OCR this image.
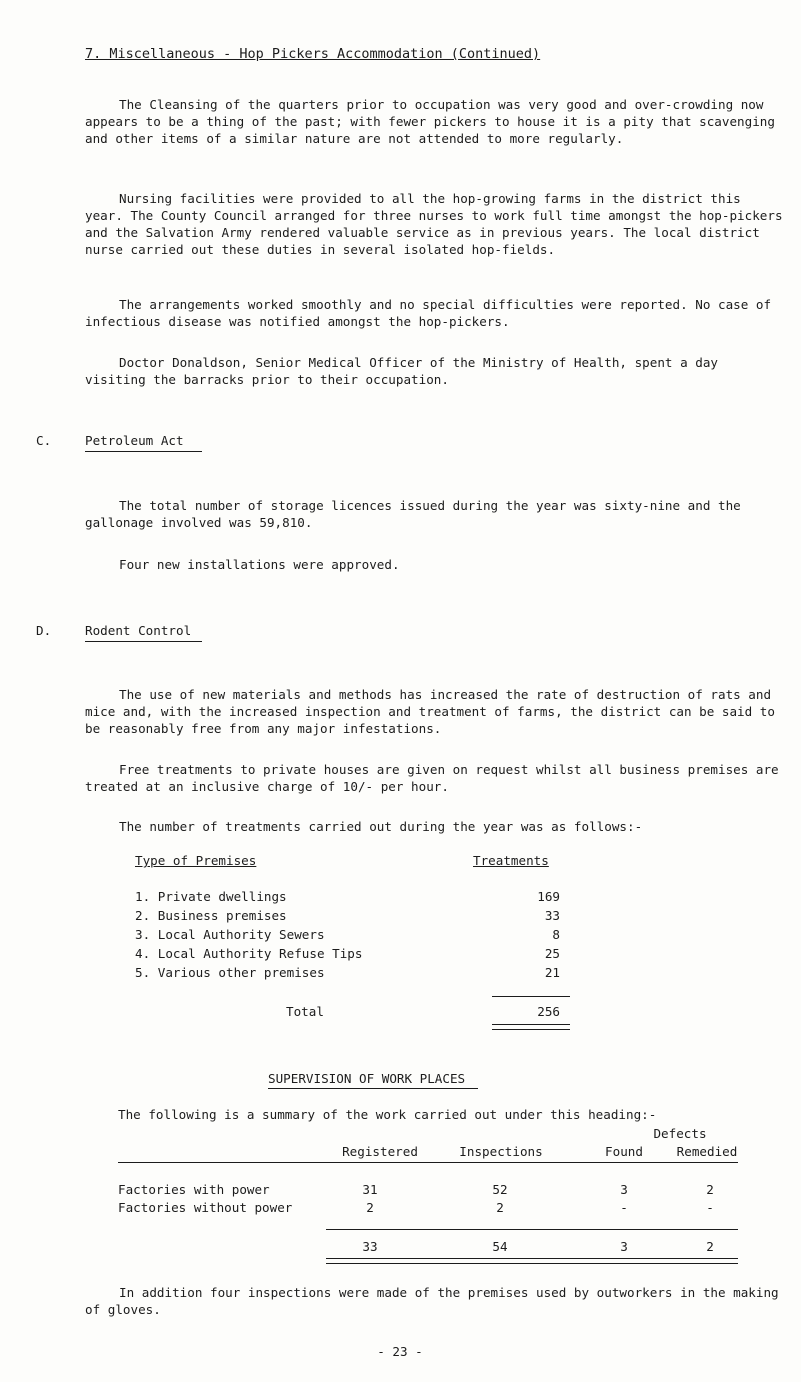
7. Miscellaneous - Hop Pickers Accommodation (Continued)

The Cleansing of the quarters prior to occupation was very good and over-crowding now appears to be a thing of the past; with fewer pickers to house it is a pity that scavenging and other items of a similar nature are not attended to more regularly.

Nursing facilities were provided to all the hop-growing farms in the district this year. The County Council arranged for three nurses to work full time amongst the hop-pickers and the Salvation Army rendered valuable service as in previous years. The local district nurse carried out these duties in several isolated hop-fields.

The arrangements worked smoothly and no special difficulties were reported. No case of infectious disease was notified amongst the hop-pickers.

Doctor Donaldson, Senior Medical Officer of the Ministry of Health, spent a day visiting the barracks prior to their occupation.

C.	Petroleum Act

The total number of storage licences issued during the year was sixty-nine and the gallonage involved was 59,810.

Four new installations were approved.

D.	Rodent Control

The use of new materials and methods has increased the rate of destruction of rats and mice and, with the increased inspection and treatment of farms, the district can be said to be reasonably free from any major infestations.

Free treatments to private houses are given on request whilst all business premises are treated at an inclusive charge of 10/- per hour.

The number of treatments carried out during the year was as follows:-

Type of Premises	Treatments
1. Private dwellings	169
2. Business premises	33
3. Local Authority Sewers	8
4. Local Authority Refuse Tips	25
5. Various other premises	21
Total	256
SUPERVISION OF WORK PLACES
The following is a summary of the work carried out under this heading:-
Defects
Registered	Inspections	Found	Remedied
Factories with power	31	52	3	2
Factories without power	2	2	-	-
33	54	3	2

In addition four inspections were made of the premises used by outworkers in the making of gloves.

- 23 -
